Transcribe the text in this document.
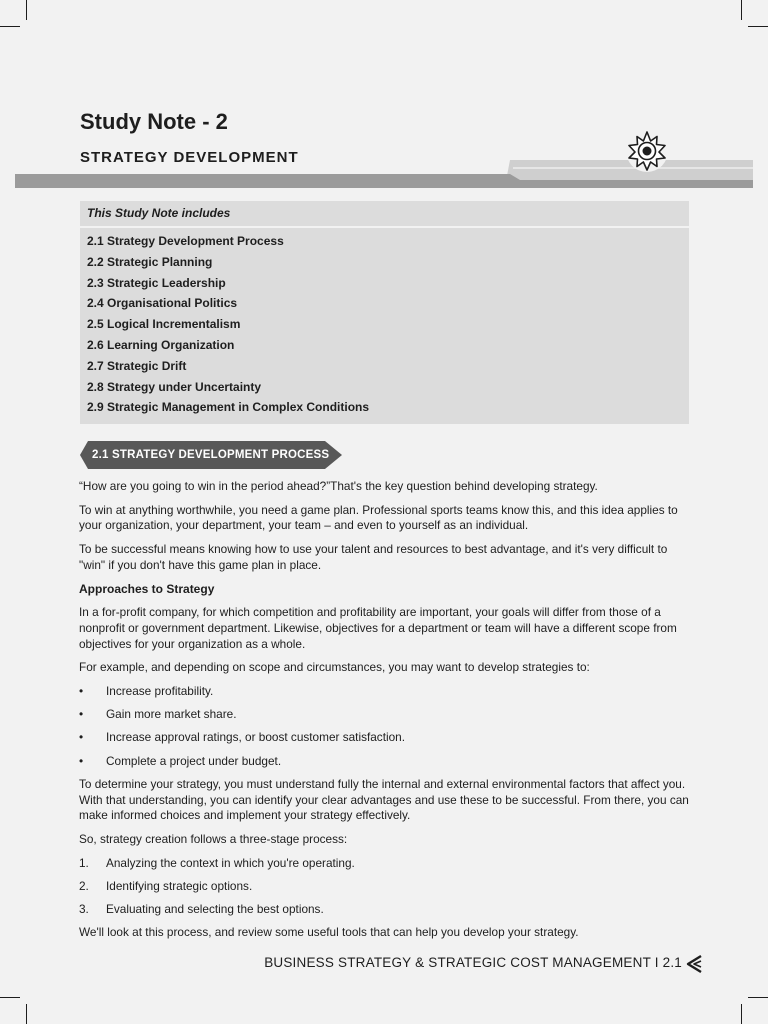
Study Note - 2
STRATEGY DEVELOPMENT
This Study Note includes
2.1 Strategy Development Process
2.2 Strategic Planning
2.3 Strategic Leadership
2.4 Organisational Politics
2.5 Logical Incrementalism
2.6 Learning Organization
2.7 Strategic Drift
2.8 Strategy under Uncertainty
2.9 Strategic Management in Complex Conditions
2.1 STRATEGY DEVELOPMENT PROCESS

“How are you going to win in the period ahead?”That's the key question behind developing strategy.

To win at anything worthwhile, you need a game plan. Professional sports teams know this, and this idea applies to your organization, your department, your team – and even to yourself as an individual.

To be successful means knowing how to use your talent and resources to best advantage, and it's very difficult to "win" if you don't have this game plan in place.

Approaches to Strategy

In a for-profit company, for which competition and profitability are important, your goals will differ from those of a nonprofit or government department. Likewise, objectives for a department or team will have a different scope from objectives for your organization as a whole.

For example, and depending on scope and circumstances, you may want to develop strategies to:

• Increase profitability.
• Gain more market share.
• Increase approval ratings, or boost customer satisfaction.
• Complete a project under budget.

To determine your strategy, you must understand fully the internal and external environmental factors that affect you. With that understanding, you can identify your clear advantages and use these to be successful. From there, you can make informed choices and implement your strategy effectively.

So, strategy creation follows a three-stage process:

1. Analyzing the context in which you're operating.
2. Identifying strategic options.
3. Evaluating and selecting the best options.

We'll look at this process, and review some useful tools that can help you develop your strategy.

BUSINESS STRATEGY & STRATEGIC COST MANAGEMENT I 2.1
